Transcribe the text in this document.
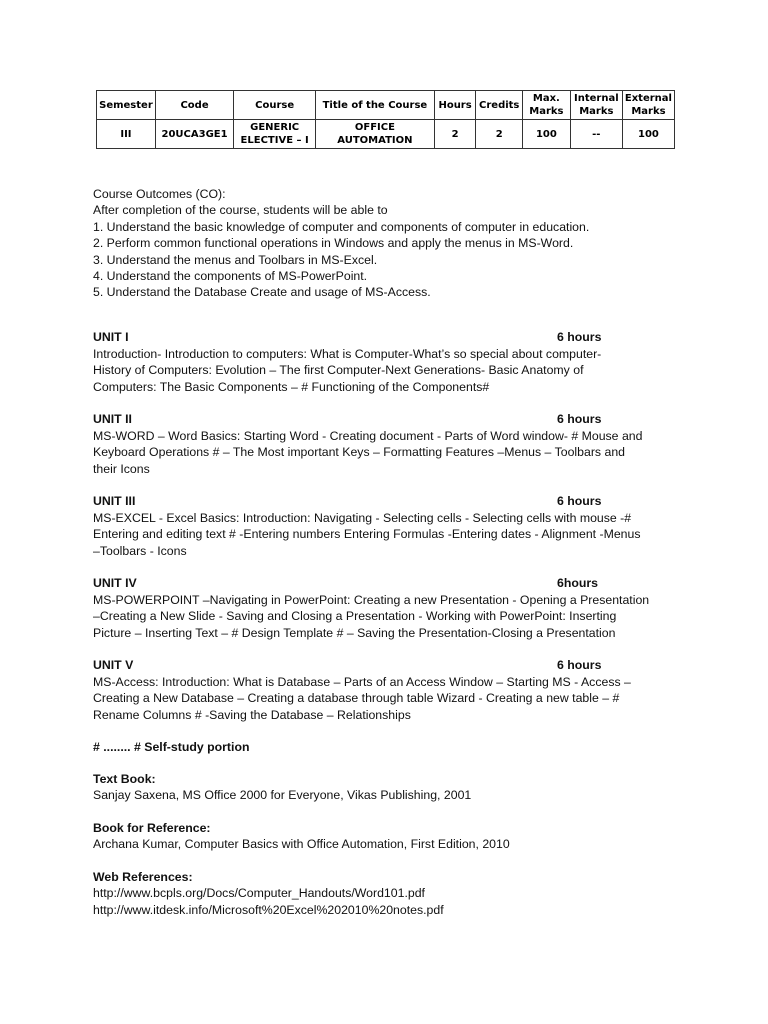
Semester	Code	Course	Title of the Course	Hours	Credits	Max. Marks	Internal Marks	External Marks
III	20UCA3GE1	GENERIC ELECTIVE – I	OFFICE AUTOMATION	2	2	100	--	100
Course Outcomes (CO):
After completion of the course, students will be able to
1. Understand the basic knowledge of computer and components of computer in education.
2. Perform common functional operations in Windows and apply the menus in MS-Word.
3. Understand the menus and Toolbars in MS-Excel.
4. Understand the components of MS-PowerPoint.
5. Understand the Database Create and usage of MS-Access.
UNIT I	6 hours
Introduction- Introduction to computers: What is Computer-What’s so special about computer-
History of Computers: Evolution – The first Computer-Next Generations- Basic Anatomy of
Computers: The Basic Components – # Functioning of the Components#
UNIT II	6 hours
MS-WORD – Word Basics: Starting Word - Creating document - Parts of Word window- # Mouse and
Keyboard Operations # – The Most important Keys – Formatting Features –Menus – Toolbars and
their Icons
UNIT III	6 hours
MS-EXCEL - Excel Basics: Introduction: Navigating - Selecting cells - Selecting cells with mouse -#
Entering and editing text # -Entering numbers Entering Formulas -Entering dates - Alignment -Menus
–Toolbars - Icons
UNIT IV	6hours
MS-POWERPOINT –Navigating in PowerPoint: Creating a new Presentation - Opening a Presentation
–Creating a New Slide - Saving and Closing a Presentation - Working with PowerPoint: Inserting
Picture – Inserting Text – # Design Template # – Saving the Presentation-Closing a Presentation
UNIT V	6 hours
MS-Access: Introduction: What is Database – Parts of an Access Window – Starting MS - Access –
Creating a New Database – Creating a database through table Wizard - Creating a new table – #
Rename Columns # -Saving the Database – Relationships
# ........ # Self-study portion
Text Book:
Sanjay Saxena, MS Office 2000 for Everyone, Vikas Publishing, 2001
Book for Reference:
Archana Kumar, Computer Basics with Office Automation, First Edition, 2010
Web References:
http://www.bcpls.org/Docs/Computer_Handouts/Word101.pdf
http://www.itdesk.info/Microsoft%20Excel%202010%20notes.pdf
